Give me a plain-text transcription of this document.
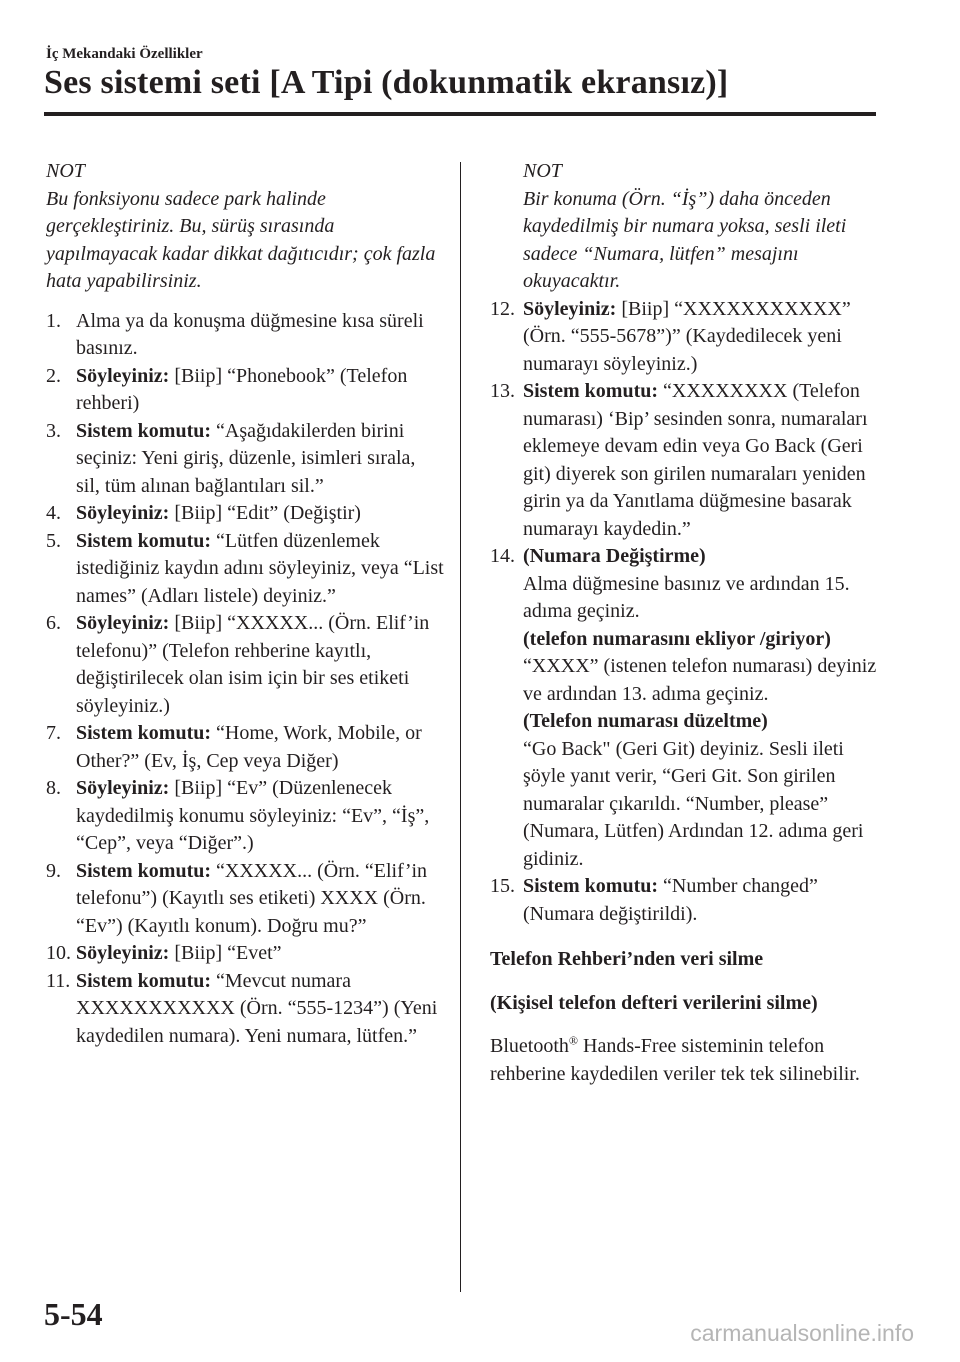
İç Mekandaki Özellikler
Ses sistemi seti [A Tipi (dokunmatik ekransız)]
NOT
Bu fonksiyonu sadece park halinde gerçekleştiriniz. Bu, sürüş sırasında yapılmayacak kadar dikkat dağıtıcıdır; çok fazla hata yapabilirsiniz.
1. Alma ya da konuşma düğmesine kısa süreli basınız.
2. Söyleyiniz: [Biip] “Phonebook” (Telefon rehberi)
3. Sistem komutu: “Aşağıdakilerden birini seçiniz: Yeni giriş, düzenle, isimleri sırala, sil, tüm alınan bağlantıları sil.”
4. Söyleyiniz: [Biip] “Edit” (Değiştir)
5. Sistem komutu: “Lütfen düzenlemek istediğiniz kaydın adını söyleyiniz, veya “List names” (Adları listele) deyiniz.”
6. Söyleyiniz: [Biip] “XXXXX... (Örn. Elif’in telefonu)” (Telefon rehberine kayıtlı, değiştirilecek olan isim için bir ses etiketi söyleyiniz.)
7. Sistem komutu: “Home, Work, Mobile, or Other?” (Ev, İş, Cep veya Diğer)
8. Söyleyiniz: [Biip] “Ev” (Düzenlenecek kaydedilmiş konumu söyleyiniz: “Ev”, “İş”, “Cep”, veya “Diğer”.)
9. Sistem komutu: “XXXXX... (Örn. “Elif’in telefonu”) (Kayıtlı ses etiketi) XXXX (Örn. “Ev”) (Kayıtlı konum). Doğru mu?”
10. Söyleyiniz: [Biip] “Evet”
11. Sistem komutu: “Mevcut numara XXXXXXXXXXX (Örn. “555-1234”) (Yeni kaydedilen numara). Yeni numara, lütfen.”
NOT
Bir konuma (Örn. “İş”) daha önceden kaydedilmiş bir numara yoksa, sesli ileti sadece “Numara, lütfen” mesajını okuyacaktır.
12. Söyleyiniz: [Biip] “XXXXXXXXXXX” (Örn. “555-5678”)” (Kaydedilecek yeni numarayı söyleyiniz.)
13. Sistem komutu: “XXXXXXXX (Telefon numarası) ‘Bip’ sesinden sonra, numaraları eklemeye devam edin veya Go Back (Geri git) diyerek son girilen numaraları yeniden girin ya da Yanıtlama düğmesine basarak numarayı kaydedin.”
14. (Numara Değiştirme)
Alma düğmesine basınız ve ardından 15. adıma geçiniz.
(telefon numarasını ekliyor /giriyor)
“XXXX” (istenen telefon numarası) deyiniz ve ardından 13. adıma geçiniz.
(Telefon numarası düzeltme)
“Go Back" (Geri Git) deyiniz. Sesli ileti şöyle yanıt verir, “Geri Git. Son girilen numaralar çıkarıldı. “Number, please” (Numara, Lütfen) Ardından 12. adıma geri gidiniz.
15. Sistem komutu: “Number changed” (Numara değiştirildi).
Telefon Rehberi’nden veri silme
(Kişisel telefon defteri verilerini silme)
Bluetooth® Hands-Free sisteminin telefon rehberine kaydedilen veriler tek tek silinebilir.
5-54
carmanualsonline.info
